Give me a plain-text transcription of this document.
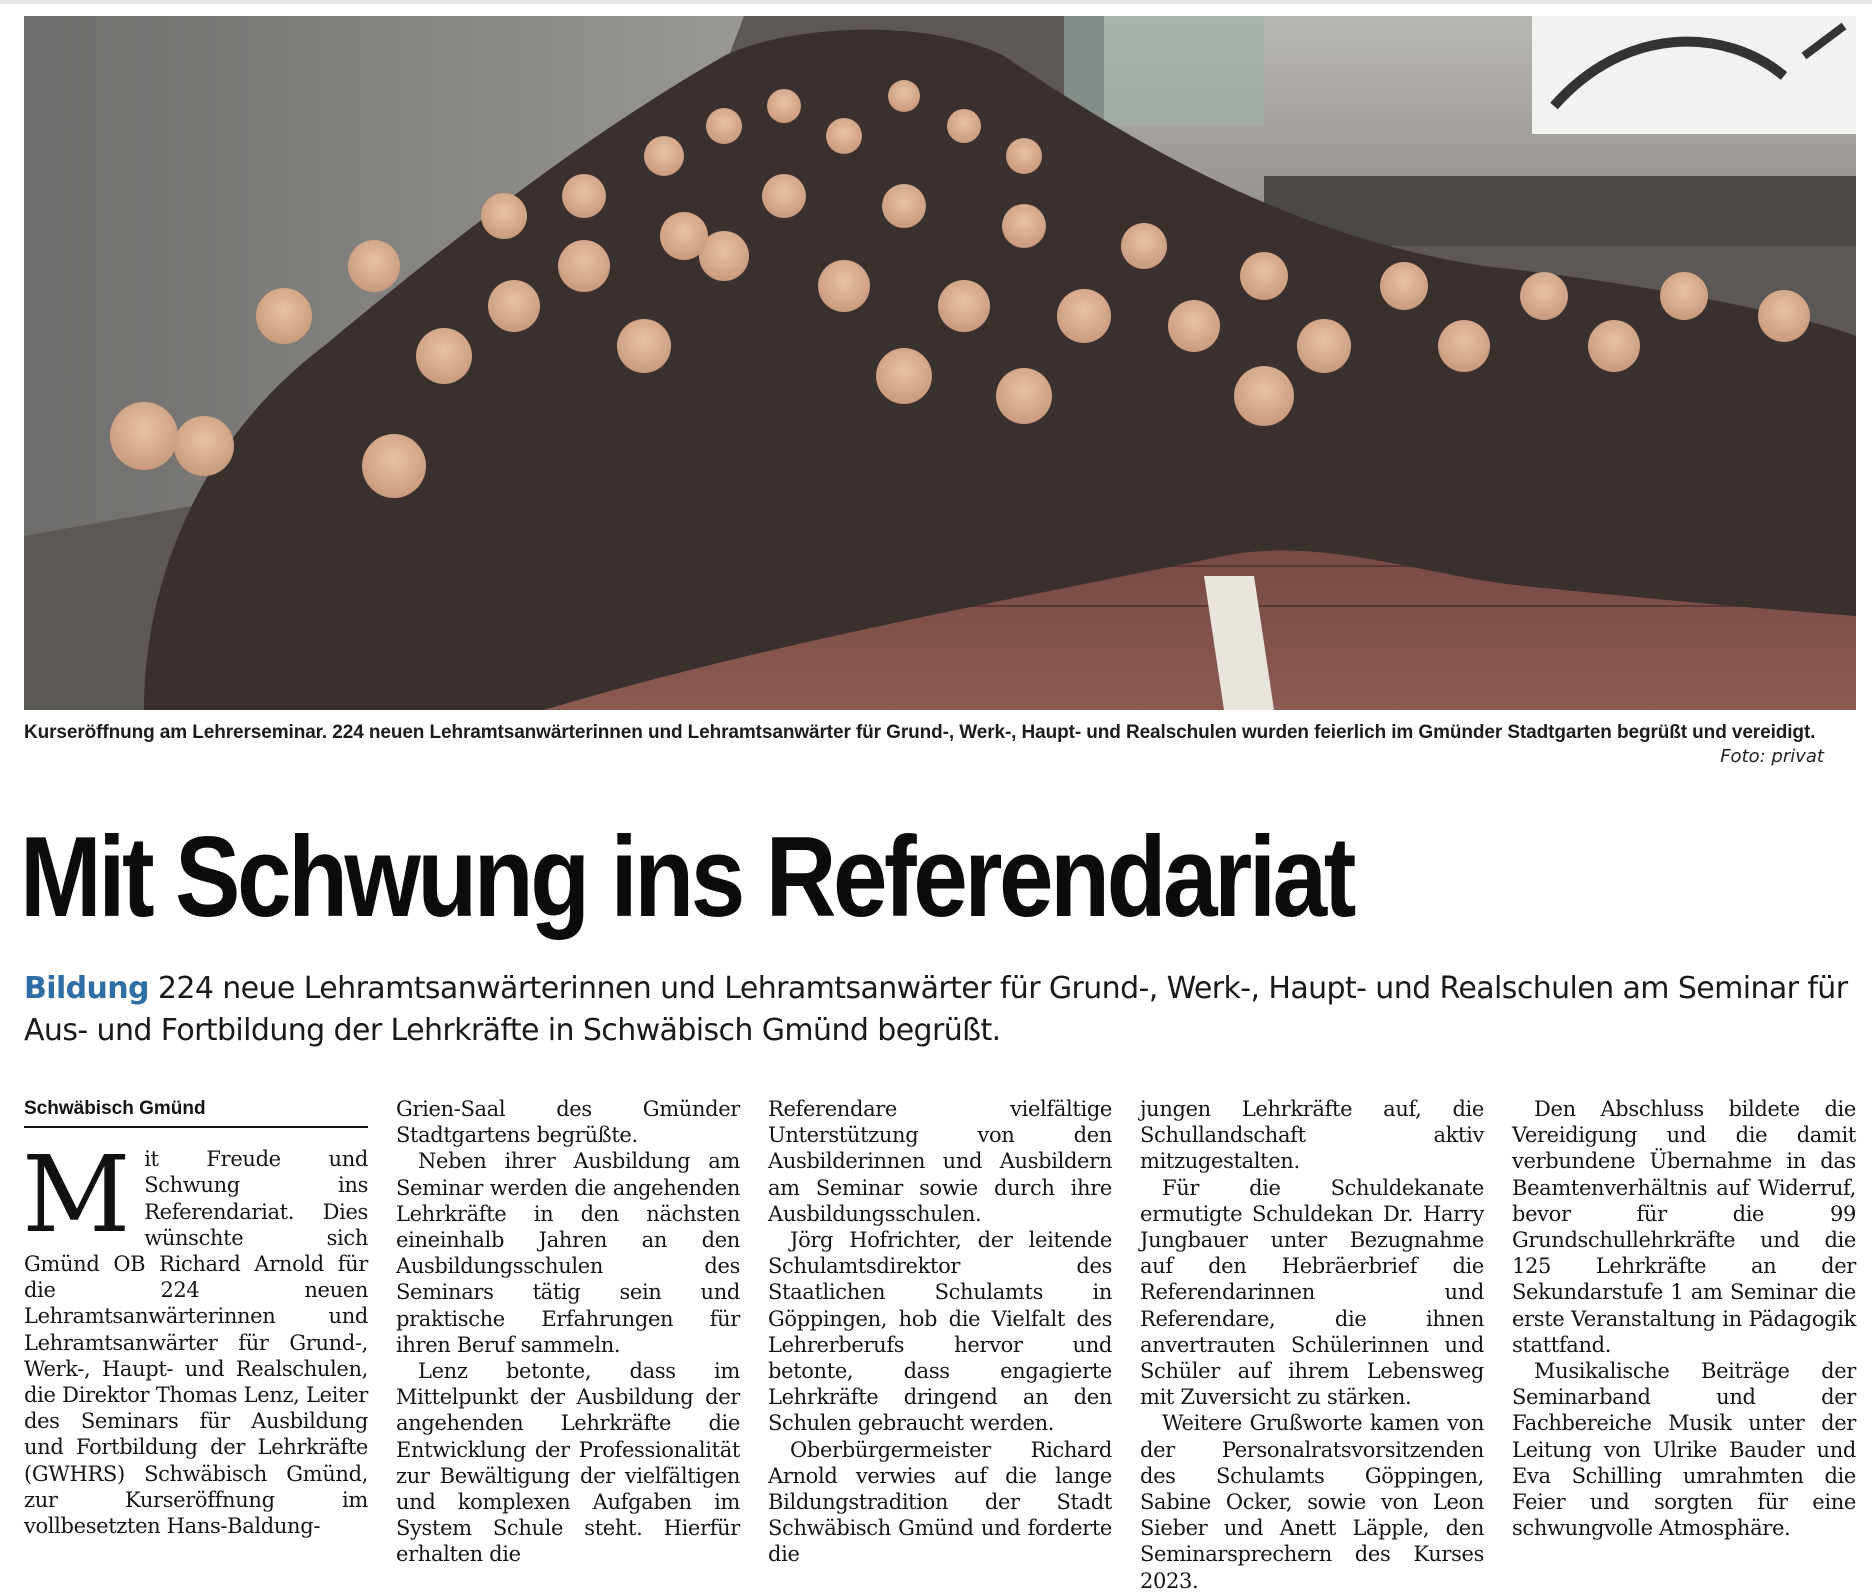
Kurseröffnung am Lehrerseminar. 224 neuen Lehramtsanwärterinnen und Lehramtsanwärter für Grund-, Werk-, Haupt- und Realschulen wurden feierlich im Gmünder Stadtgarten begrüßt und vereidigt.
Foto: privat
Mit Schwung ins Referendariat
Bildung 224 neue Lehramtsanwärterinnen und Lehramtsanwärter für Grund-, Werk-, Haupt- und Realschulen am Seminar für Aus- und Fortbildung der Lehrkräfte in Schwäbisch Gmünd begrüßt.
Schwäbisch Gmünd

Mit Freude und Schwung ins Referendariat. Dies wünschte sich Gmünd OB Richard Arnold für die 224 neuen Lehramtsanwärterinnen und Lehramtsanwärter für Grund-, Werk-, Haupt- und Realschulen, die Direktor Thomas Lenz, Leiter des Seminars für Ausbildung und Fortbildung der Lehrkräfte (GWHRS) Schwäbisch Gmünd, zur Kurseröffnung im vollbesetzten Hans-Baldung-

Grien-Saal des Gmünder Stadtgartens begrüßte.

Neben ihrer Ausbildung am Seminar werden die angehenden Lehrkräfte in den nächsten eineinhalb Jahren an den Ausbildungsschulen des Seminars tätig sein und praktische Erfahrungen für ihren Beruf sammeln.

Lenz betonte, dass im Mittelpunkt der Ausbildung der angehenden Lehrkräfte die Entwicklung der Professionalität zur Bewältigung der vielfältigen und komplexen Aufgaben im System Schule steht. Hierfür erhalten die

Referendare vielfältige Unterstützung von den Ausbilderinnen und Ausbildern am Seminar sowie durch ihre Ausbildungsschulen.

Jörg Hofrichter, der leitende Schulamtsdirektor des Staatlichen Schulamts in Göppingen, hob die Vielfalt des Lehrerberufs hervor und betonte, dass engagierte Lehrkräfte dringend an den Schulen gebraucht werden.

Oberbürgermeister Richard Arnold verwies auf die lange Bildungstradition der Stadt Schwäbisch Gmünd und forderte die

jungen Lehrkräfte auf, die Schullandschaft aktiv mitzugestalten.

Für die Schuldekanate ermutigte Schuldekan Dr. Harry Jungbauer unter Bezugnahme auf den Hebräerbrief die Referendarinnen und Referendare, die ihnen anvertrauten Schülerinnen und Schüler auf ihrem Lebensweg mit Zuversicht zu stärken.

Weitere Grußworte kamen von der Personalratsvorsitzenden des Schulamts Göppingen, Sabine Ocker, sowie von Leon Sieber und Anett Läpple, den Seminarsprechern des Kurses 2023.

Den Abschluss bildete die Vereidigung und die damit verbundene Übernahme in das Beamtenverhältnis auf Widerruf, bevor für die 99 Grundschullehrkräfte und die 125 Lehrkräfte an der Sekundarstufe 1 am Seminar die erste Veranstaltung in Pädagogik stattfand.

Musikalische Beiträge der Seminarband und der Fachbereiche Musik unter der Leitung von Ulrike Bauder und Eva Schilling umrahmten die Feier und sorgten für eine schwungvolle Atmosphäre.
